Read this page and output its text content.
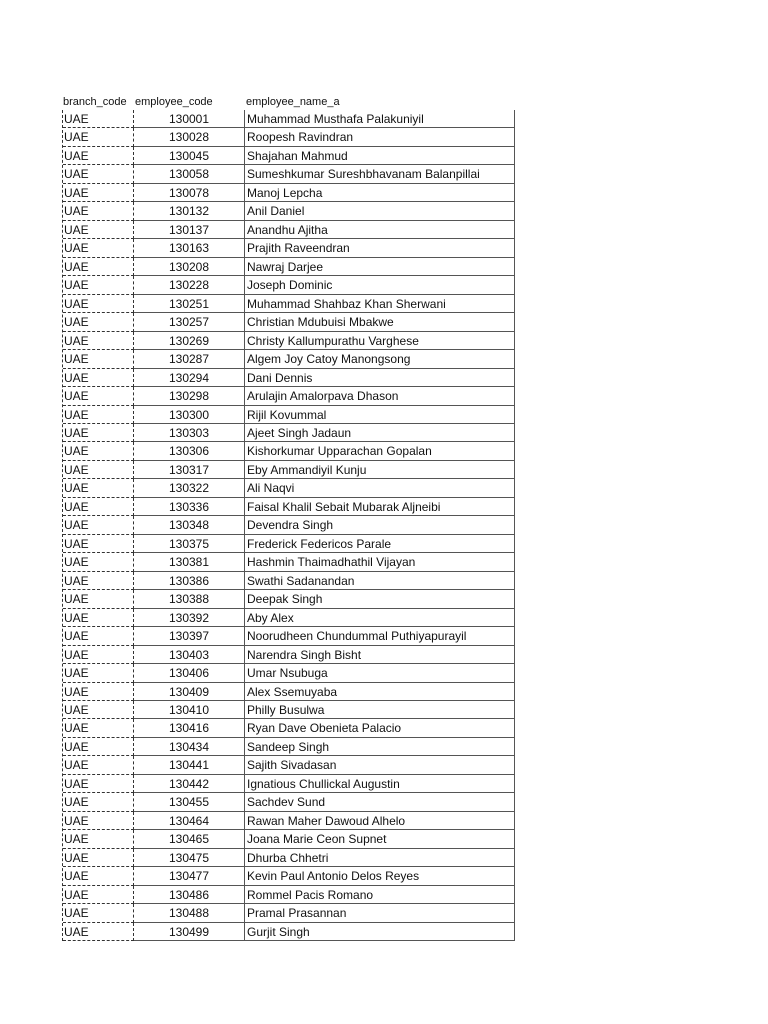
branch_code employee_code	employee_name_a
UAE	130001	Muhammad Musthafa Palakuniyil
UAE	130028	Roopesh Ravindran
UAE	130045	Shajahan Mahmud
UAE	130058	Sumeshkumar Sureshbhavanam Balanpillai
UAE	130078	Manoj Lepcha
UAE	130132	Anil Daniel
UAE	130137	Anandhu Ajitha
UAE	130163	Prajith Raveendran
UAE	130208	Nawraj Darjee
UAE	130228	Joseph Dominic
UAE	130251	Muhammad Shahbaz Khan Sherwani
UAE	130257	Christian Mdubuisi Mbakwe
UAE	130269	Christy Kallumpurathu Varghese
UAE	130287	Algem Joy Catoy Manongsong
UAE	130294	Dani Dennis
UAE	130298	Arulajin Amalorpava Dhason
UAE	130300	Rijil Kovummal
UAE	130303	Ajeet Singh Jadaun
UAE	130306	Kishorkumar Upparachan Gopalan
UAE	130317	Eby Ammandiyil Kunju
UAE	130322	Ali Naqvi
UAE	130336	Faisal Khalil Sebait Mubarak Aljneibi
UAE	130348	Devendra Singh
UAE	130375	Frederick Federicos Parale
UAE	130381	Hashmin Thaimadhathil Vijayan
UAE	130386	Swathi Sadanandan
UAE	130388	Deepak Singh
UAE	130392	Aby Alex
UAE	130397	Noorudheen Chundummal Puthiyapurayil
UAE	130403	Narendra Singh Bisht
UAE	130406	Umar Nsubuga
UAE	130409	Alex Ssemuyaba
UAE	130410	Philly Busulwa
UAE	130416	Ryan Dave Obenieta Palacio
UAE	130434	Sandeep Singh
UAE	130441	Sajith Sivadasan
UAE	130442	Ignatious Chullickal Augustin
UAE	130455	Sachdev Sund
UAE	130464	Rawan Maher Dawoud Alhelo
UAE	130465	Joana Marie Ceon Supnet
UAE	130475	Dhurba Chhetri
UAE	130477	Kevin Paul Antonio Delos Reyes
UAE	130486	Rommel Pacis Romano
UAE	130488	Pramal Prasannan
UAE	130499	Gurjit Singh
